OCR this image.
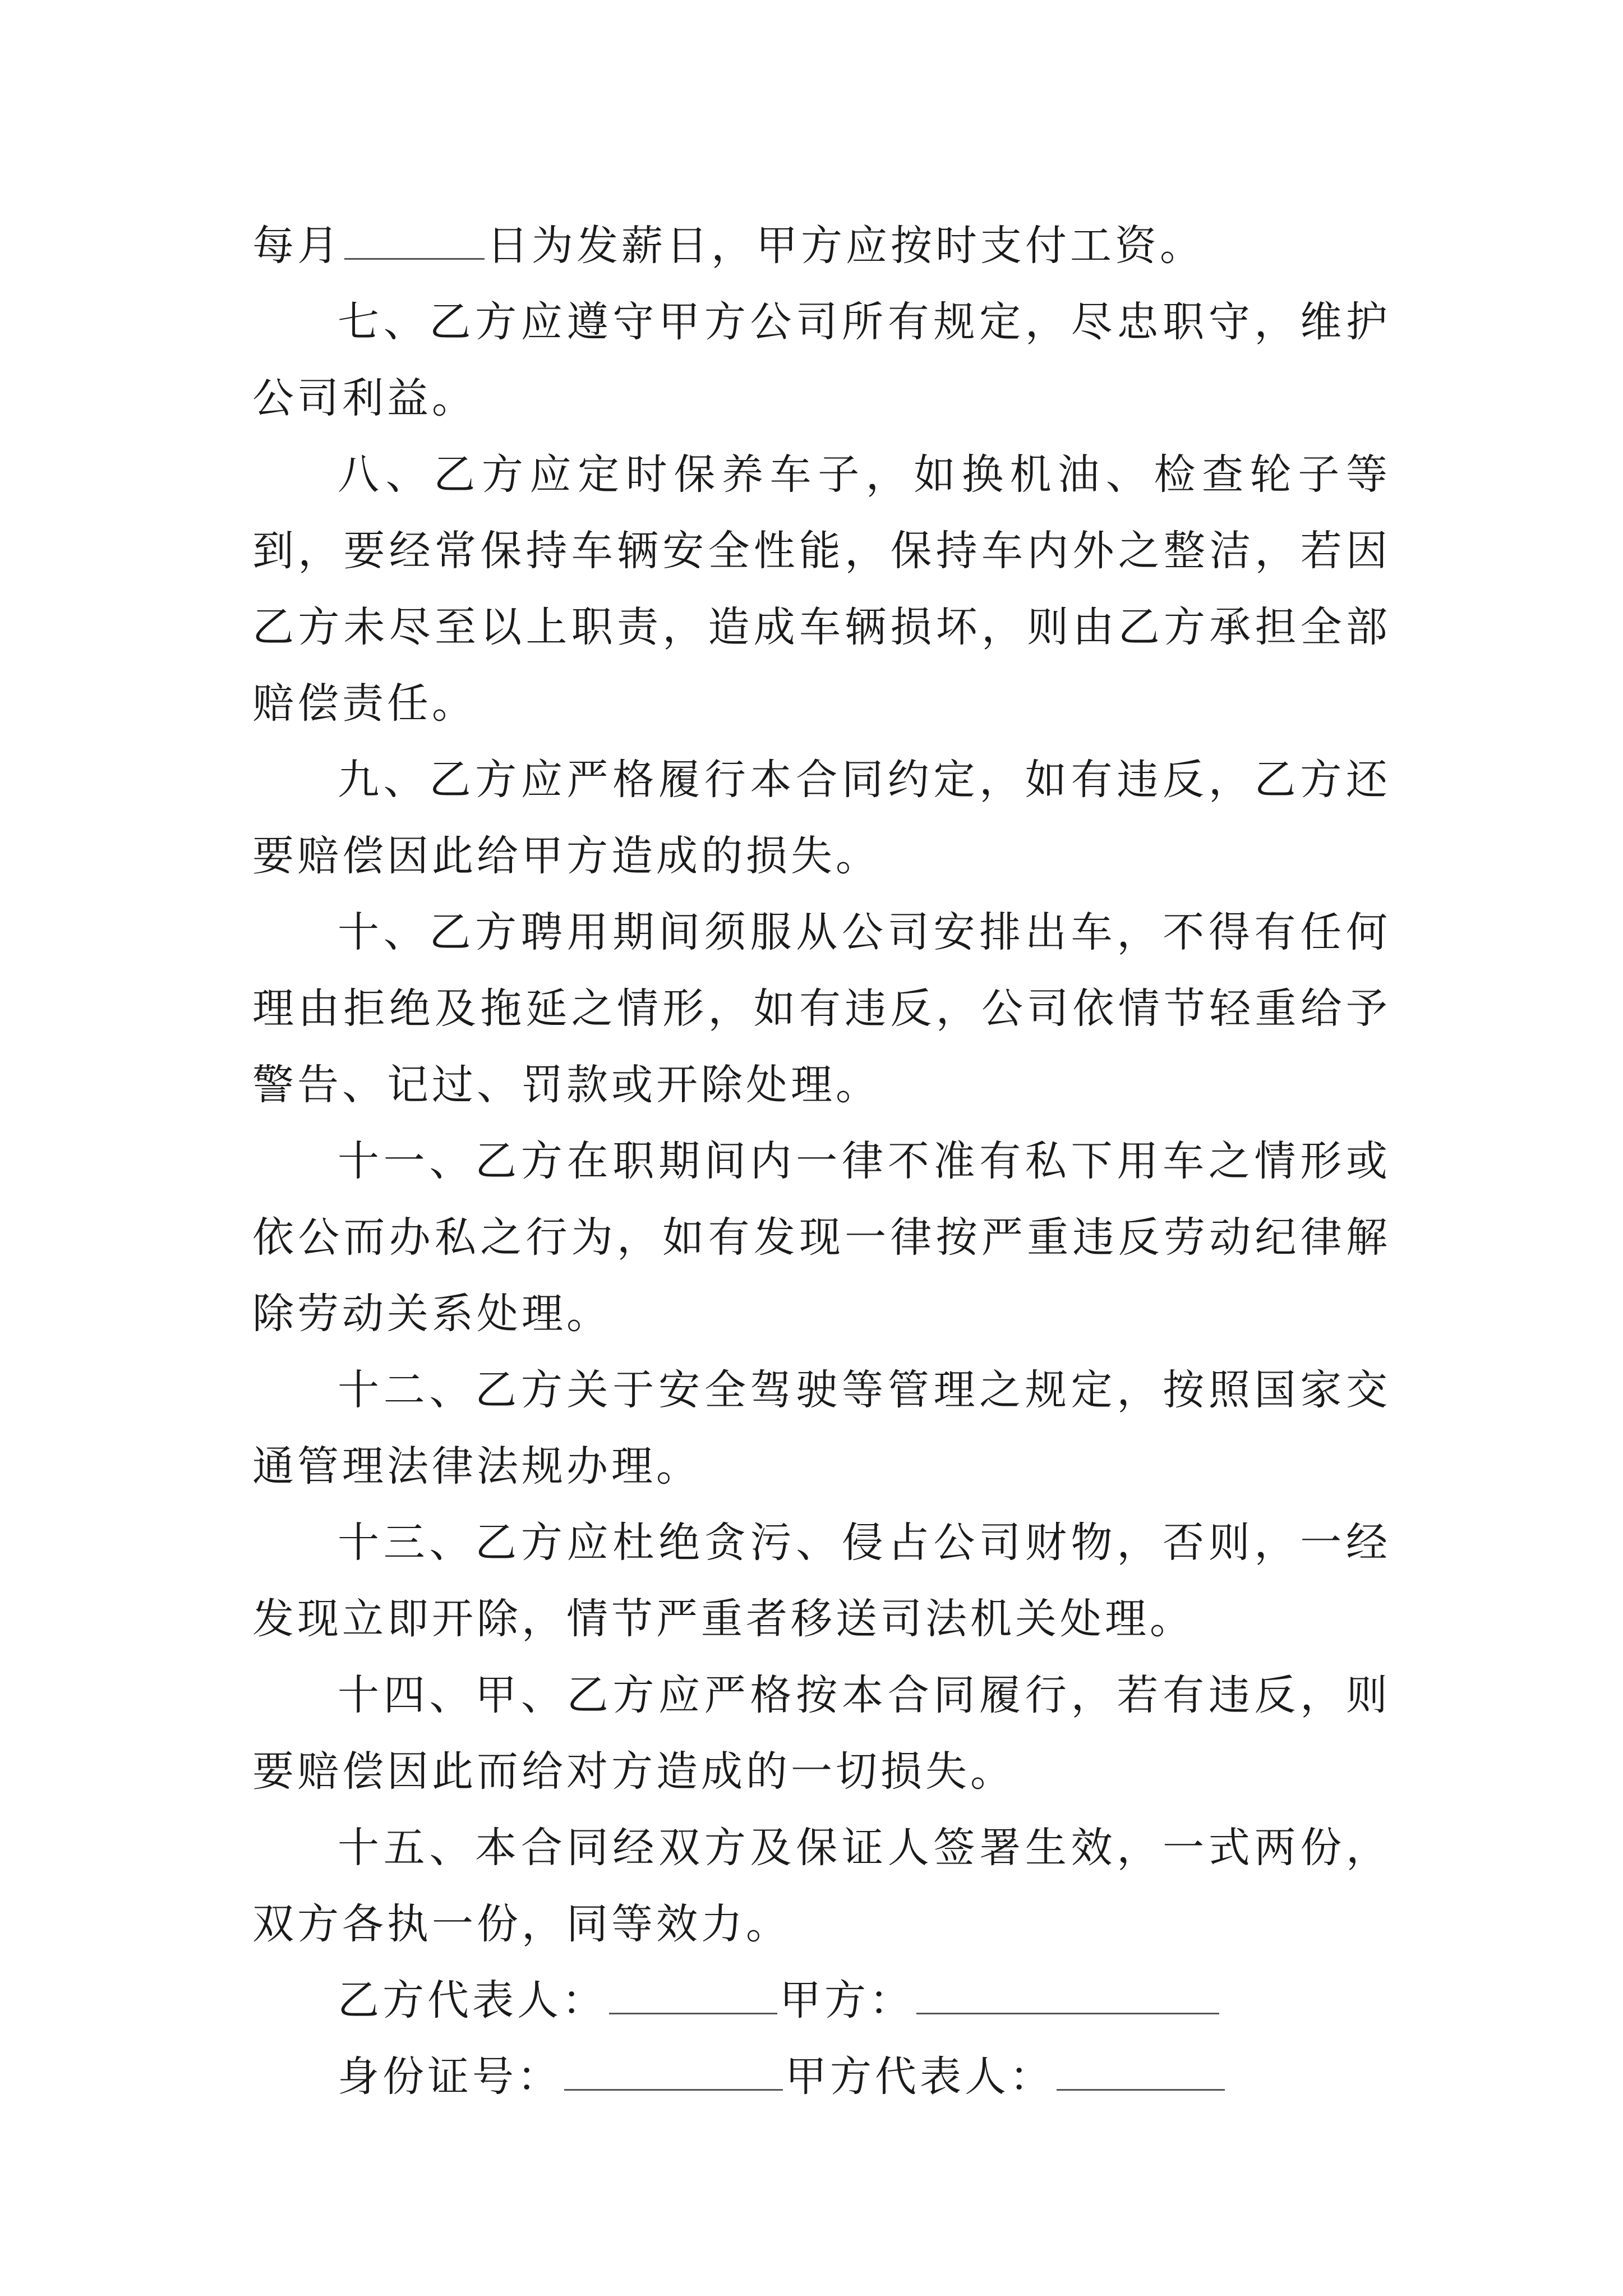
每月	日为发薪日，甲方应按时支付工资。

七、乙方应遵守甲方公司所有规定，尽忠职守，维护公司利益。

八、乙方应定时保养车子，如换机油、检查轮子等到，要经常保持车辆安全性能，保持车内外之整洁，若因乙方未尽至以上职责，造成车辆损坏，则由乙方承担全部赔偿责任。

九、乙方应严格履行本合同约定，如有违反，乙方还要赔偿因此给甲方造成的损失。

十、乙方聘用期间须服从公司安排出车，不得有任何理由拒绝及拖延之情形，如有违反，公司依情节轻重给予警告、记过、罚款或开除处理。

十一、乙方在职期间内一律不准有私下用车之情形或依公而办私之行为，如有发现一律按严重违反劳动纪律解除劳动关系处理。

十二、乙方关于安全驾驶等管理之规定，按照国家交通管理法律法规办理。

十三、乙方应杜绝贪污、侵占公司财物，否则，一经发现立即开除，情节严重者移送司法机关处理。

十四、甲、乙方应严格按本合同履行，若有违反，则要赔偿因此而给对方造成的一切损失。

十五、本合同经双方及保证人签署生效，一式两份，双方各执一份，同等效力。

乙方代表人：	甲方：

身份证号：	甲方代表人：
